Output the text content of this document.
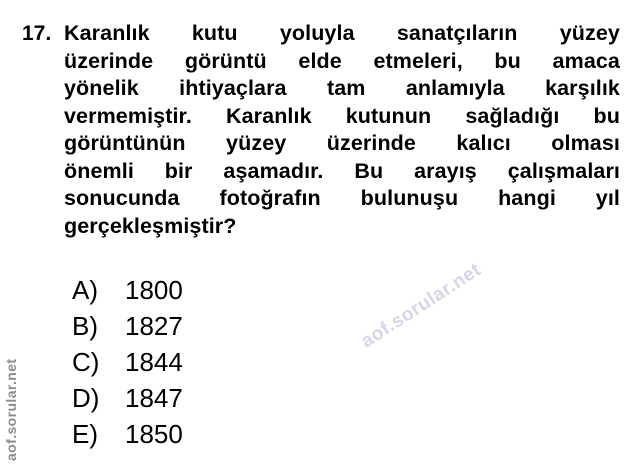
17. Karanlık kutu yoluyla sanatçıların yüzey
üzerinde görüntü elde etmeleri, bu amaca
yönelik ihtiyaçlara tam anlamıyla karşılık
vermemiştir. Karanlık kutunun sağladığı bu
görüntünün yüzey üzerinde kalıcı olması
önemli bir aşamadır. Bu arayış çalışmaları
sonucunda fotoğrafın bulunuşu hangi yıl
gerçekleşmiştir?
A)	1800
B)	1827
C) 1844
D) 1847
E)	1850
aof.sorular.net
aof.sorular.net
